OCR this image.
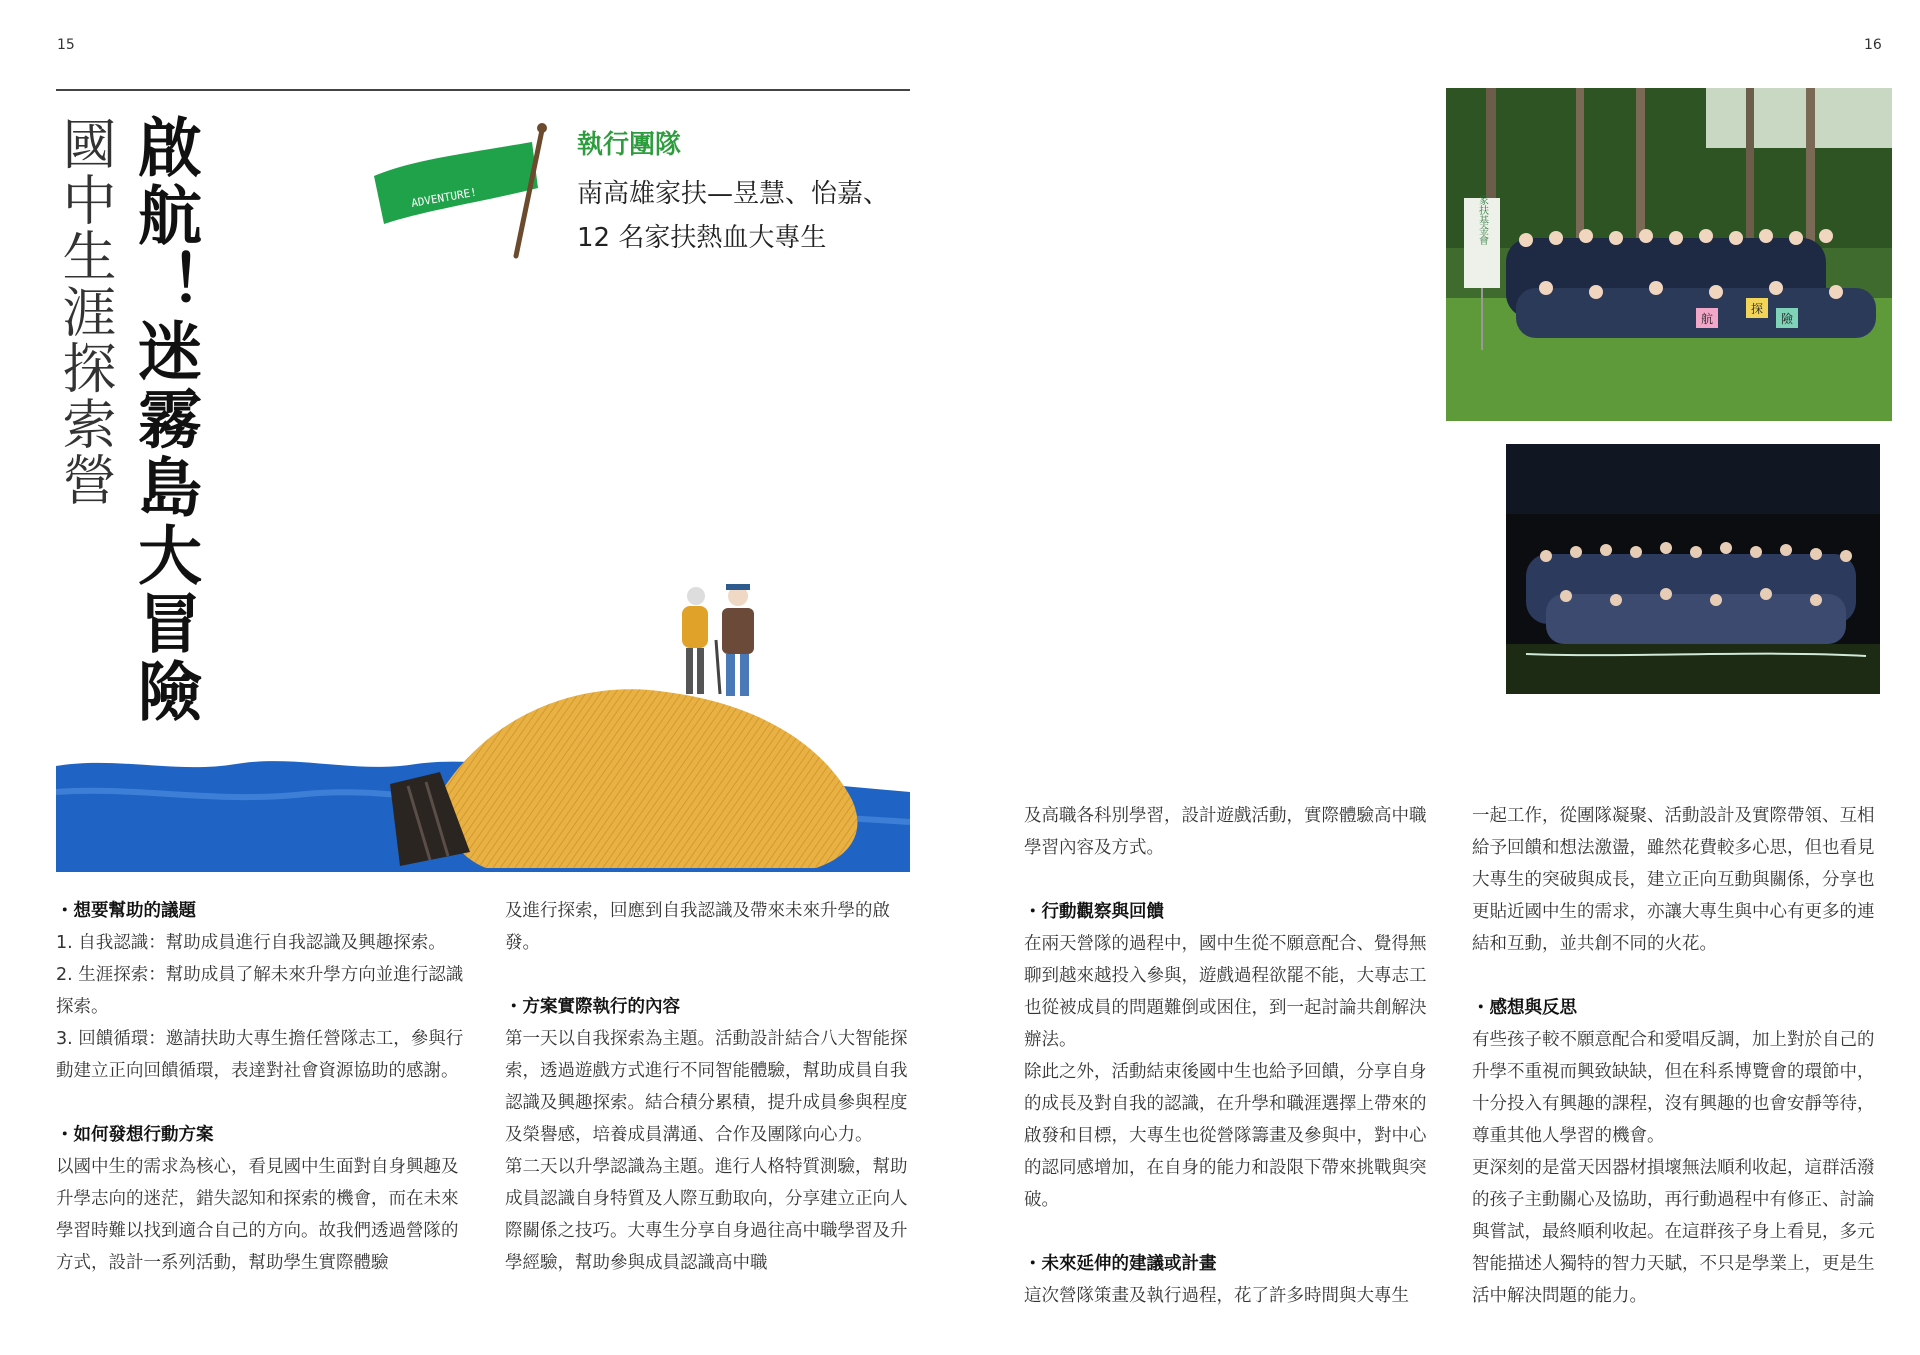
15	16
國中生涯探索營 啟航！迷霧島大冒險	ADVENTURE!
執行團隊
南高雄家扶—昱慧、怡嘉、
12 名家扶熱血大專生	家扶基金會
航
探
險

・想要幫助的議題

1. 自我認識：幫助成員進行自我認識及興趣探索。

2. 生涯探索：幫助成員了解未來升學方向並進行認識探索。

3. 回饋循環：邀請扶助大專生擔任營隊志工，參與行動建立正向回饋循環，表達對社會資源協助的感謝。

・如何發想行動方案

以國中生的需求為核心，看見國中生面對自身興趣及升學志向的迷茫，錯失認知和探索的機會，而在未來學習時難以找到適合自己的方向。故我們透過營隊的方式，設計一系列活動，幫助學生實際體驗

及進行探索，回應到自我認識及帶來未來升學的啟發。

・方案實際執行的內容

第一天以自我探索為主題。活動設計結合八大智能探索，透過遊戲方式進行不同智能體驗，幫助成員自我認識及興趣探索。結合積分累積，提升成員參與程度及榮譽感，培養成員溝通、合作及團隊向心力。

第二天以升學認識為主題。進行人格特質測驗，幫助成員認識自身特質及人際互動取向，分享建立正向人際關係之技巧。大專生分享自身過往高中職學習及升學經驗，幫助參與成員認識高中職

及高職各科別學習，設計遊戲活動，實際體驗高中職學習內容及方式。

・行動觀察與回饋

在兩天營隊的過程中，國中生從不願意配合、覺得無聊到越來越投入參與，遊戲過程欲罷不能，大專志工也從被成員的問題難倒或困住，到一起討論共創解決辦法。

除此之外，活動結束後國中生也給予回饋，分享自身的成長及對自我的認識，在升學和職涯選擇上帶來的啟發和目標，大專生也從營隊籌畫及參與中，對中心的認同感增加，在自身的能力和設限下帶來挑戰與突破。

・未來延伸的建議或計畫

這次營隊策畫及執行過程，花了許多時間與大專生

一起工作，從團隊凝聚、活動設計及實際帶領、互相給予回饋和想法激盪，雖然花費較多心思，但也看見大專生的突破與成長，建立正向互動與關係，分享也更貼近國中生的需求，亦讓大專生與中心有更多的連結和互動，並共創不同的火花。

・感想與反思

有些孩子較不願意配合和愛唱反調，加上對於自己的升學不重視而興致缺缺，但在科系博覽會的環節中，十分投入有興趣的課程，沒有興趣的也會安靜等待，尊重其他人學習的機會。

更深刻的是當天因器材損壞無法順利收起，這群活潑的孩子主動關心及協助，再行動過程中有修正、討論與嘗試，最終順利收起。在這群孩子身上看見，多元智能描述人獨特的智力天賦，不只是學業上，更是生活中解決問題的能力。
